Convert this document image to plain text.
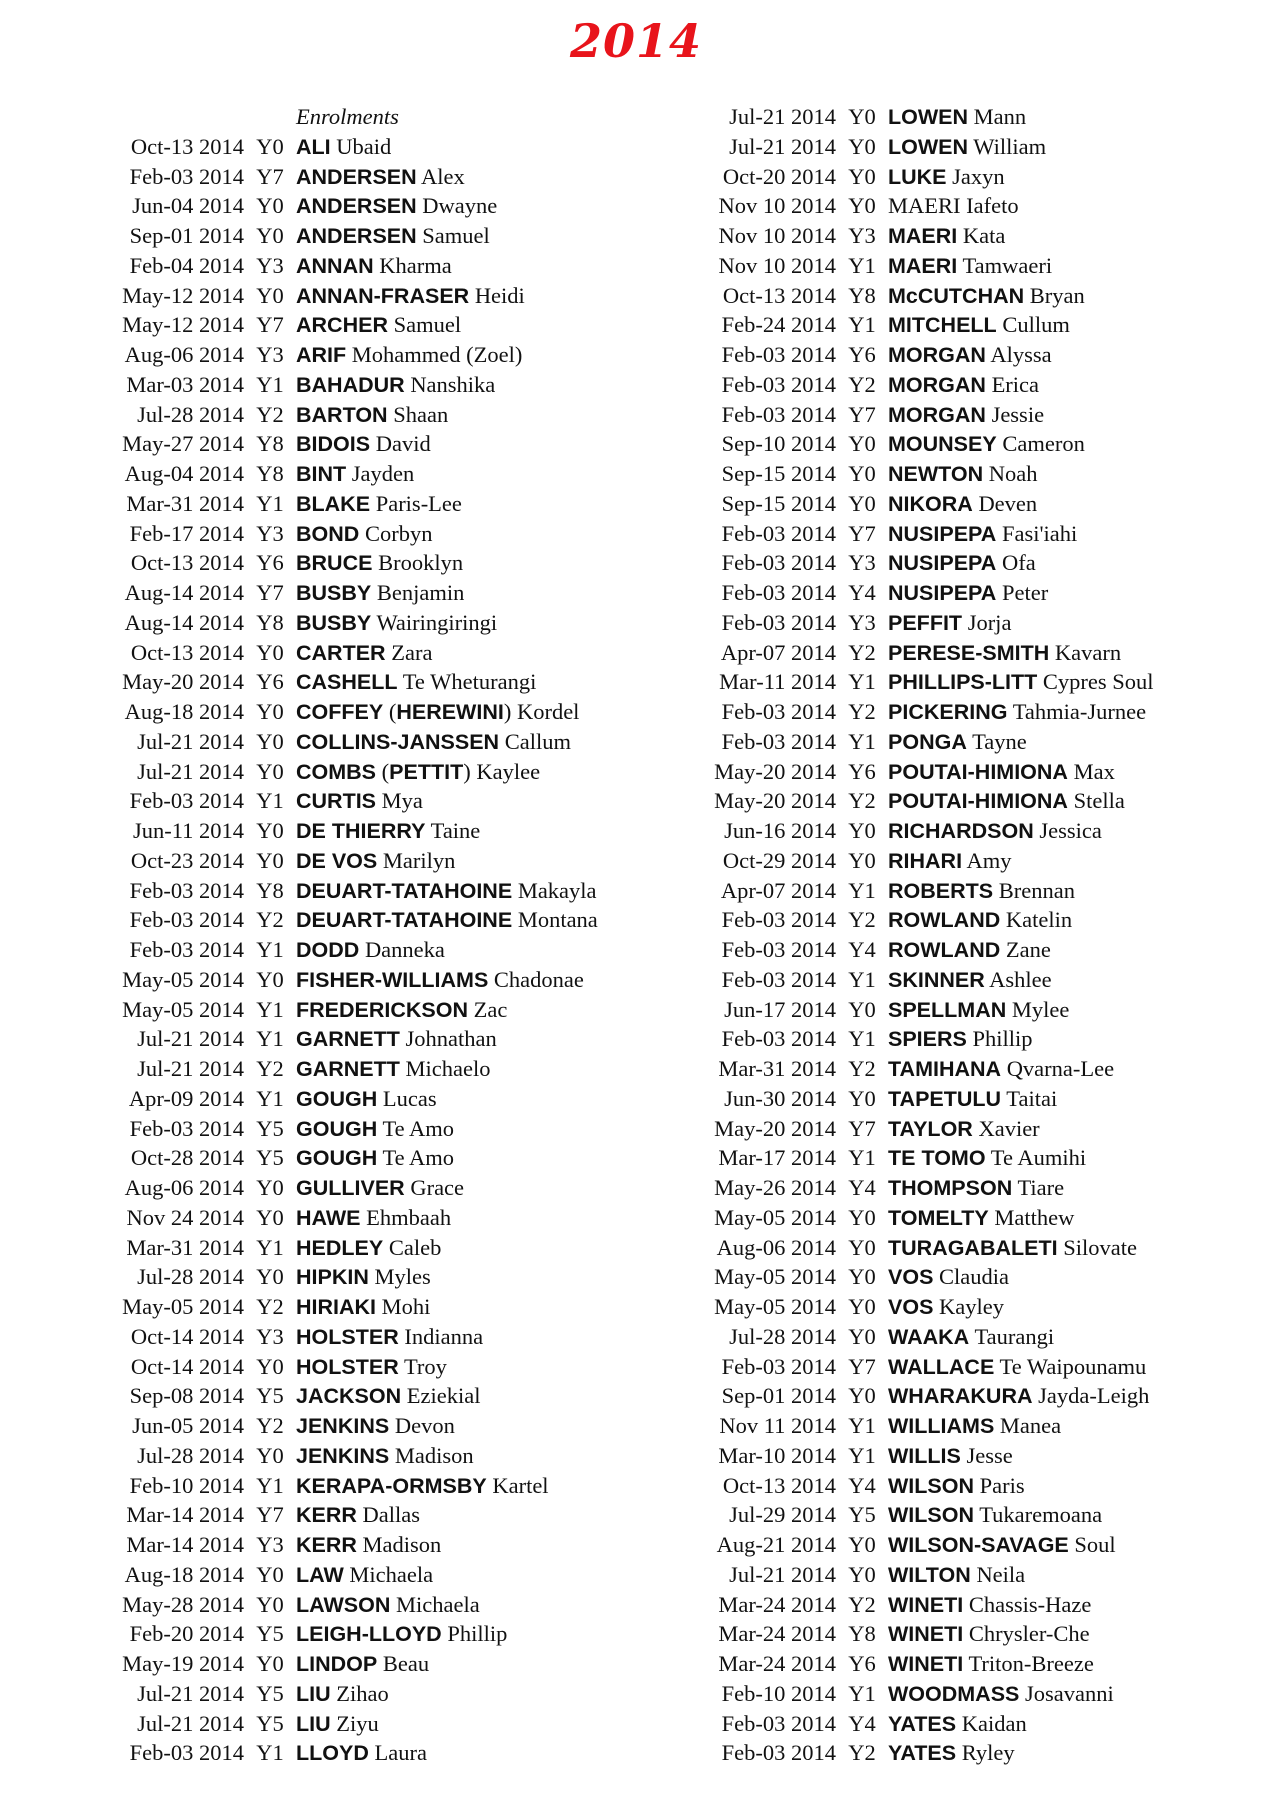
2014
Enrolments
Oct-13 2014 Y0 ALI Ubaid
Feb-03 2014 Y7 ANDERSEN Alex
Jun-04 2014 Y0 ANDERSEN Dwayne
Sep-01 2014 Y0 ANDERSEN Samuel
Feb-04 2014 Y3 ANNAN Kharma
May-12 2014 Y0 ANNAN-FRASER Heidi
May-12 2014 Y7 ARCHER Samuel
Aug-06 2014 Y3 ARIF Mohammed (Zoel)
Mar-03 2014 Y1 BAHADUR Nanshika
Jul-28 2014 Y2 BARTON Shaan
May-27 2014 Y8 BIDOIS David
Aug-04 2014 Y8 BINT Jayden
Mar-31 2014 Y1 BLAKE Paris-Lee
Feb-17 2014 Y3 BOND Corbyn
Oct-13 2014 Y6 BRUCE Brooklyn
Aug-14 2014 Y7 BUSBY Benjamin
Aug-14 2014 Y8 BUSBY Wairingiringi
Oct-13 2014 Y0 CARTER Zara
May-20 2014 Y6 CASHELL Te Wheturangi
Aug-18 2014 Y0 COFFEY (HEREWINI) Kordel
Jul-21 2014 Y0 COLLINS-JANSSEN Callum
Jul-21 2014 Y0 COMBS (PETTIT) Kaylee
Feb-03 2014 Y1 CURTIS Mya
Jun-11 2014 Y0 DE THIERRY Taine
Oct-23 2014 Y0 DE VOS Marilyn
Feb-03 2014 Y8 DEUART-TATAHOINE Makayla
Feb-03 2014 Y2 DEUART-TATAHOINE Montana
Feb-03 2014 Y1 DODD Danneka
May-05 2014 Y0 FISHER-WILLIAMS Chadonae
May-05 2014 Y1 FREDERICKSON Zac
Jul-21 2014 Y1 GARNETT Johnathan
Jul-21 2014 Y2 GARNETT Michaelo
Apr-09 2014 Y1 GOUGH Lucas
Feb-03 2014 Y5 GOUGH Te Amo
Oct-28 2014 Y5 GOUGH Te Amo
Aug-06 2014 Y0 GULLIVER Grace
Nov 24 2014 Y0 HAWE Ehmbaah
Mar-31 2014 Y1 HEDLEY Caleb
Jul-28 2014 Y0 HIPKIN Myles
May-05 2014 Y2 HIRIAKI Mohi
Oct-14 2014 Y3 HOLSTER Indianna
Oct-14 2014 Y0 HOLSTER Troy
Sep-08 2014 Y5 JACKSON Eziekial
Jun-05 2014 Y2 JENKINS Devon
Jul-28 2014 Y0 JENKINS Madison
Feb-10 2014 Y1 KERAPA-ORMSBY Kartel
Mar-14 2014 Y7 KERR Dallas
Mar-14 2014 Y3 KERR Madison
Aug-18 2014 Y0 LAW Michaela
May-28 2014 Y0 LAWSON Michaela
Feb-20 2014 Y5 LEIGH-LLOYD Phillip
May-19 2014 Y0 LINDOP Beau
Jul-21 2014 Y5 LIU Zihao
Jul-21 2014 Y5 LIU Ziyu
Feb-03 2014 Y1 LLOYD Laura
Jul-21 2014 Y0 LOWEN Mann
Jul-21 2014 Y0 LOWEN William
Oct-20 2014 Y0 LUKE Jaxyn
Nov 10 2014 Y0 MAERI Iafeto
Nov 10 2014 Y3 MAERI Kata
Nov 10 2014 Y1 MAERI Tamwaeri
Oct-13 2014 Y8 McCUTCHAN Bryan
Feb-24 2014 Y1 MITCHELL Cullum
Feb-03 2014 Y6 MORGAN Alyssa
Feb-03 2014 Y2 MORGAN Erica
Feb-03 2014 Y7 MORGAN Jessie
Sep-10 2014 Y0 MOUNSEY Cameron
Sep-15 2014 Y0 NEWTON Noah
Sep-15 2014 Y0 NIKORA Deven
Feb-03 2014 Y7 NUSIPEPA Fasi'iahi
Feb-03 2014 Y3 NUSIPEPA Ofa
Feb-03 2014 Y4 NUSIPEPA Peter
Feb-03 2014 Y3 PEFFIT Jorja
Apr-07 2014 Y2 PERESE-SMITH Kavarn
Mar-11 2014 Y1 PHILLIPS-LITT Cypres Soul
Feb-03 2014 Y2 PICKERING Tahmia-Jurnee
Feb-03 2014 Y1 PONGA Tayne
May-20 2014 Y6 POUTAI-HIMIONA Max
May-20 2014 Y2 POUTAI-HIMIONA Stella
Jun-16 2014 Y0 RICHARDSON Jessica
Oct-29 2014 Y0 RIHARI Amy
Apr-07 2014 Y1 ROBERTS Brennan
Feb-03 2014 Y2 ROWLAND Katelin
Feb-03 2014 Y4 ROWLAND Zane
Feb-03 2014 Y1 SKINNER Ashlee
Jun-17 2014 Y0 SPELLMAN Mylee
Feb-03 2014 Y1 SPIERS Phillip
Mar-31 2014 Y2 TAMIHANA Qvarna-Lee
Jun-30 2014 Y0 TAPETULU Taitai
May-20 2014 Y7 TAYLOR Xavier
Mar-17 2014 Y1 TE TOMO Te Aumihi
May-26 2014 Y4 THOMPSON Tiare
May-05 2014 Y0 TOMELTY Matthew
Aug-06 2014 Y0 TURAGABALETI Silovate
May-05 2014 Y0 VOS Claudia
May-05 2014 Y0 VOS Kayley
Jul-28 2014 Y0 WAAKA Taurangi
Feb-03 2014 Y7 WALLACE Te Waipounamu
Sep-01 2014 Y0 WHARAKURA Jayda-Leigh
Nov 11 2014 Y1 WILLIAMS Manea
Mar-10 2014 Y1 WILLIS Jesse
Oct-13 2014 Y4 WILSON Paris
Jul-29 2014 Y5 WILSON Tukaremoana
Aug-21 2014 Y0 WILSON-SAVAGE Soul
Jul-21 2014 Y0 WILTON Neila
Mar-24 2014 Y2 WINETI Chassis-Haze
Mar-24 2014 Y8 WINETI Chrysler-Che
Mar-24 2014 Y6 WINETI Triton-Breeze
Feb-10 2014 Y1 WOODMASS Josavanni
Feb-03 2014 Y4 YATES Kaidan
Feb-03 2014 Y2 YATES Ryley
